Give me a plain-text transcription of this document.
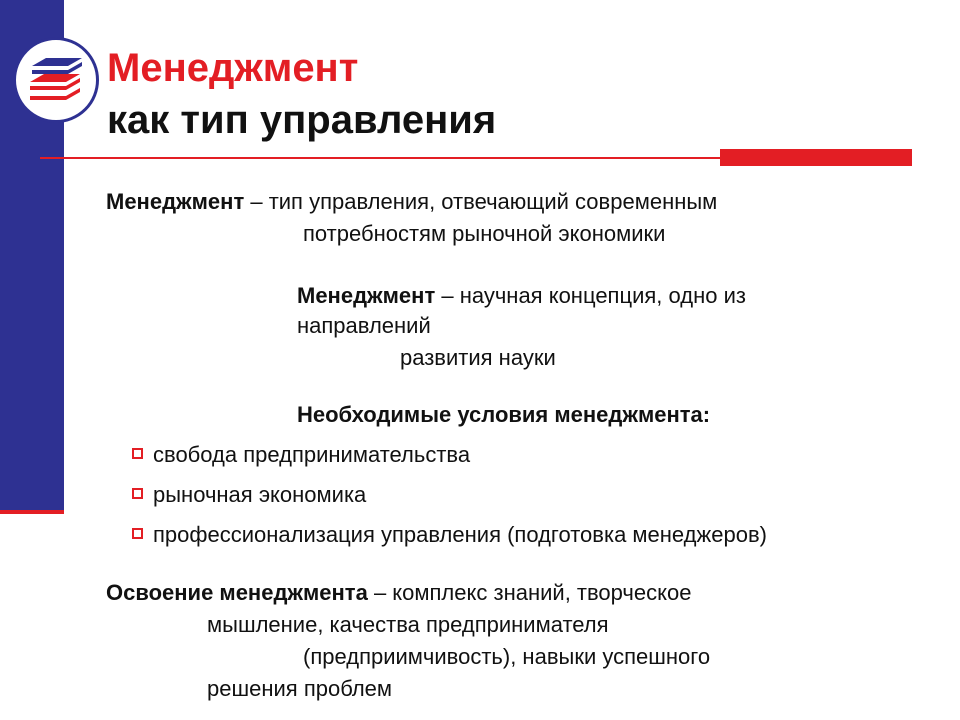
Менеджмент
как тип управления

Менеджмент – тип управления, отвечающий современным

потребностям рыночной экономики

Менеджмент – научная концепция, одно из

направлений

развития науки

Необходимые условия менеджмента:

свобода предпринимательства
рыночная экономика
профессионализация управления (подготовка менеджеров)

Освоение менеджмента – комплекс знаний, творческое

мышление, качества предпринимателя

(предприимчивость), навыки успешного

решения проблем
